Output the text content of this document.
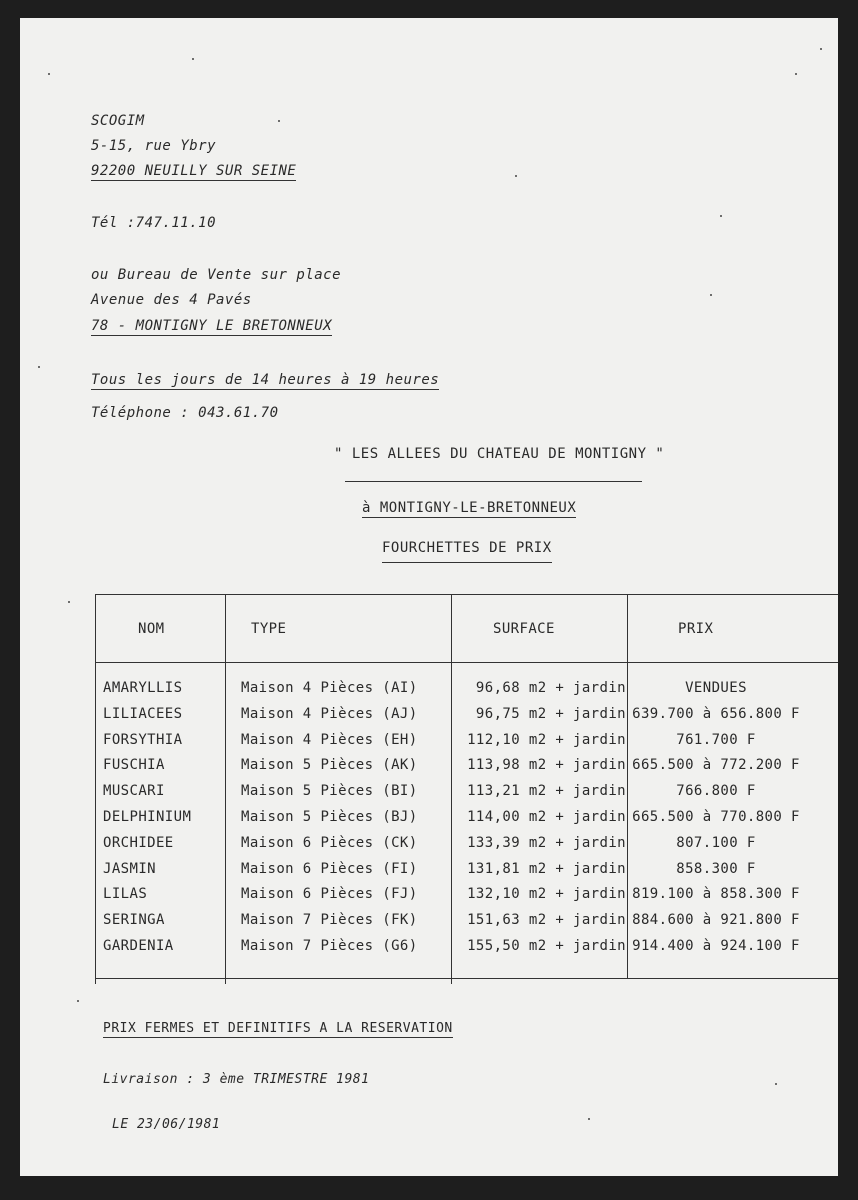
SCOGIM
5-15, rue Ybry
92200 NEUILLY SUR SEINE
Tél :747.11.10
ou Bureau de Vente sur place
Avenue des 4 Pavés
78 - MONTIGNY LE BRETONNEUX
Tous les jours de 14 heures à 19 heures
Téléphone : 043.61.70
" LES ALLEES DU CHATEAU DE MONTIGNY "
à MONTIGNY-LE-BRETONNEUX
FOURCHETTES DE PRIX
NOM	TYPE	SURFACE	PRIX
AMARYLLIS	Maison 4 Pièces (AI)	96,68 m2 + jardin	VENDUES
LILIACEES	Maison 4 Pièces (AJ)	96,75 m2 + jardin 639.700 à 656.800 F
FORSYTHIA	Maison 4 Pièces (EH)	112,10 m2 + jardin	761.700 F
FUSCHIA	Maison 5 Pièces (AK)	113,98 m2 + jardin 665.500 à 772.200 F
MUSCARI	Maison 5 Pièces (BI)	113,21 m2 + jardin	766.800 F
DELPHINIUM	Maison 5 Pièces (BJ)	114,00 m2 + jardin 665.500 à 770.800 F
ORCHIDEE	Maison 6 Pièces (CK)	133,39 m2 + jardin	807.100 F
JASMIN	Maison 6 Pièces (FI)	131,81 m2 + jardin	858.300 F
LILAS	Maison 6 Pièces (FJ)	132,10 m2 + jardin 819.100 à 858.300 F
SERINGA	Maison 7 Pièces (FK)	151,63 m2 + jardin 884.600 à 921.800 F
GARDENIA	Maison 7 Pièces (G6)	155,50 m2 + jardin 914.400 à 924.100 F
PRIX FERMES ET DEFINITIFS A LA RESERVATION
Livraison : 3 ème TRIMESTRE 1981
LE 23/06/1981
